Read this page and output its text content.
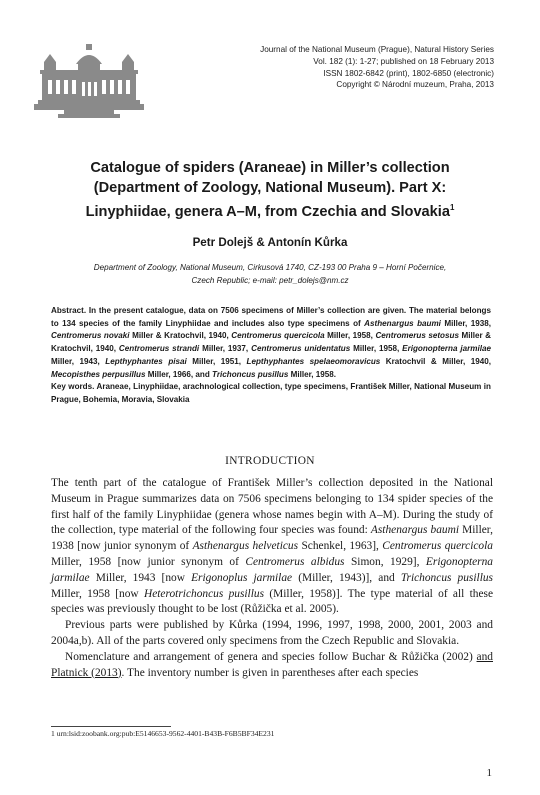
Journal of the National Museum (Prague), Natural History Series
Vol. 182 (1): 1-27; published on 18 February 2013
ISSN 1802-6842 (print), 1802-6850 (electronic)
Copyright © Národní muzeum, Praha, 2013
Catalogue of spiders (Araneae) in Miller’s collection
(Department of Zoology, National Museum). Part X:
Linyphiidae, genera A–M, from Czechia and Slovakia$^1$
Petr Dolejš & Antonín Kůrka
Department of Zoology, National Museum, Cirkusová 1740, CZ-193 00 Praha 9 – Horní Počernice,
Czech Republic; e-mail: petr_dolejs@nm.cz
Abstract. In the present catalogue, data on 7506 specimens of Miller’s collection are given. The material belongs to 134 species of the family Linyphiidae and includes also type specimens of Asthenargus baumi Miller, 1938, Centromerus novaki Miller & Kratochvil, 1940, Centromerus quercicola Miller, 1958, Centromerus setosus Miller & Kratochvil, 1940, Centromerus strandi Miller, 1937, Centromerus unidentatus Miller, 1958, Erigonopterna jarmilae Miller, 1943, Lepthyphantes pisai Miller, 1951, Lepthyphantes spelaeomoravicus Kratochvil & Miller, 1940, Mecopisthes perpusillus Miller, 1966, and Trichoncus pusillus Miller, 1958.
Key words. Araneae, Linyphiidae, arachnological collection, type specimens, František Miller, National Museum in Prague, Bohemia, Moravia, Slovakia
INTRODUCTION

The tenth part of the catalogue of František Miller’s collection deposited in the National Museum in Prague summarizes data on 7506 specimens belonging to 134 spider species of the first half of the family Linyphiidae (genera whose names begin with A–M). During the study of the collection, type material of the following four species was found: Asthenargus baumi Miller, 1938 [now junior synonym of Asthenargus helveticus Schenkel, 1963], Centromerus quercicola Miller, 1958 [now junior synonym of Centromerus albidus Simon, 1929], Erigonopterna jarmilae Miller, 1943 [now Erigonoplus jarmilae (Miller, 1943)], and Trichoncus pusillus Miller, 1958 [now Heterotrichoncus pusillus (Miller, 1958)]. The type material of all these species was previously thought to be lost (Růžička et al. 2005).

Previous parts were published by Kůrka (1994, 1996, 1997, 1998, 2000, 2001, 2003 and 2004a,b). All of the parts covered only specimens from the Czech Republic and Slovakia.

Nomenclature and arrangement of genera and species follow Buchar & Růžička (2002) and Platnick (2013). The inventory number is given in parentheses after each species

1 urn:lsid:zoobank.org:pub:E5146653-9562-4401-B43B-F6B5BF34E231
1
